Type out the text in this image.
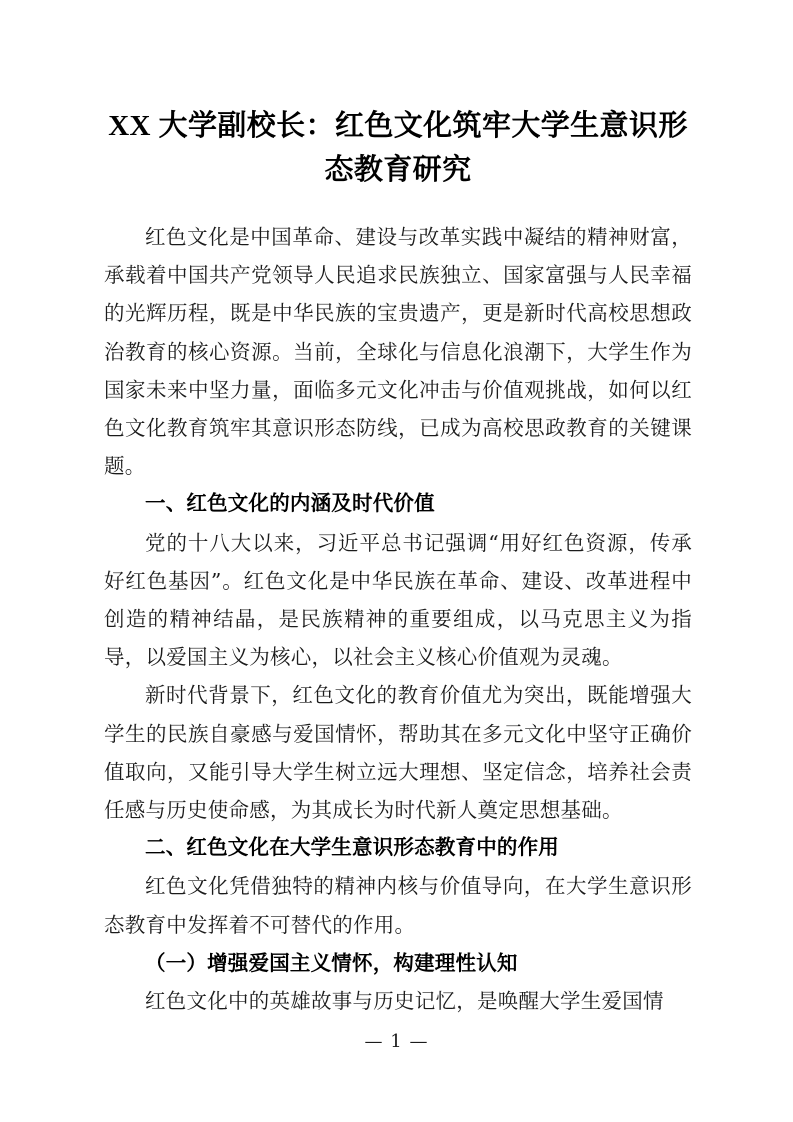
XX 大学副校长：红色文化筑牢大学生意识形态教育研究

红色文化是中国革命、建设与改革实践中凝结的精神财富，承载着中国共产党领导人民追求民族独立、国家富强与人民幸福的光辉历程，既是中华民族的宝贵遗产，更是新时代高校思想政治教育的核心资源。当前，全球化与信息化浪潮下，大学生作为国家未来中坚力量，面临多元文化冲击与价值观挑战，如何以红色文化教育筑牢其意识形态防线，已成为高校思政教育的关键课题。

一、红色文化的内涵及时代价值

党的十八大以来，习近平总书记强调“用好红色资源，传承好红色基因”。红色文化是中华民族在革命、建设、改革进程中创造的精神结晶，是民族精神的重要组成，以马克思主义为指导，以爱国主义为核心，以社会主义核心价值观为灵魂。

新时代背景下，红色文化的教育价值尤为突出，既能增强大学生的民族自豪感与爱国情怀，帮助其在多元文化中坚守正确价值取向，又能引导大学生树立远大理想、坚定信念，培养社会责任感与历史使命感，为其成长为时代新人奠定思想基础。

二、红色文化在大学生意识形态教育中的作用

红色文化凭借独特的精神内核与价值导向，在大学生意识形态教育中发挥着不可替代的作用。

（一）增强爱国主义情怀，构建理性认知

红色文化中的英雄故事与历史记忆，是唤醒大学生爱国情

— 1 —
